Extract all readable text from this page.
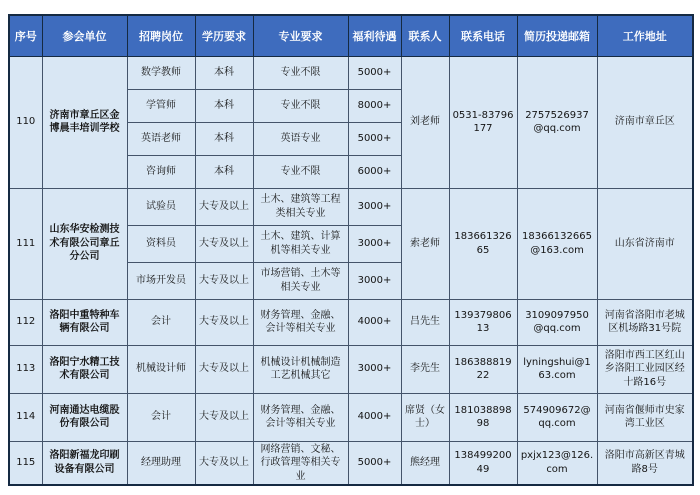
序号	参会单位	招聘岗位	学历要求	专业要求	福利待遇	联系人	联系电话	简历投递邮箱	工作地址
110	济南市章丘区金博晨丰培训学校	数学教师	本科	专业不限	5000+	刘老师	0531-83796177	2757526937@qq.com	济南市章丘区
		学管师	本科	专业不限	8000+				
		英语老师	本科	英语专业	5000+				
		咨询师	本科	专业不限	6000+				
111	山东华安检测技术有限公司章丘分公司	试验员	大专及以上	土木、建筑等工程类相关专业	3000+	索老师	18366132665	18366132665@163.com	山东省济南市
		资料员	大专及以上	土木、建筑、计算机等相关专业	3000+				
		市场开发员	大专及以上	市场营销、土木等相关专业	3000+				
112	洛阳中重特种车辆有限公司	会计	大专及以上	财务管理、金融、会计等相关专业	4000+	吕先生	13937980613	3109097950@qq.com	河南省洛阳市老城区机场路31号院
113	洛阳宁水精工技术有限公司	机械设计师	大专及以上	机械设计机械制造工艺机械其它	3000+	李先生	18638881922	lyningshui@163.com	洛阳市西工区红山乡洛阳工业园区经十路16号
114	河南通达电缆股份有限公司	会计	大专及以上	财务管理、金融、会计等相关专业	4000+	席贤（女士）	18103889898	574909672@qq.com	河南省偃师市史家湾工业区
115	洛阳新福龙印刷设备有限公司	经理助理	大专及以上	网络营销、文秘、行政管理等相关专业	5000+	熊经理	13849920049	pxjx123@126.com	洛阳市高新区青城路8号
